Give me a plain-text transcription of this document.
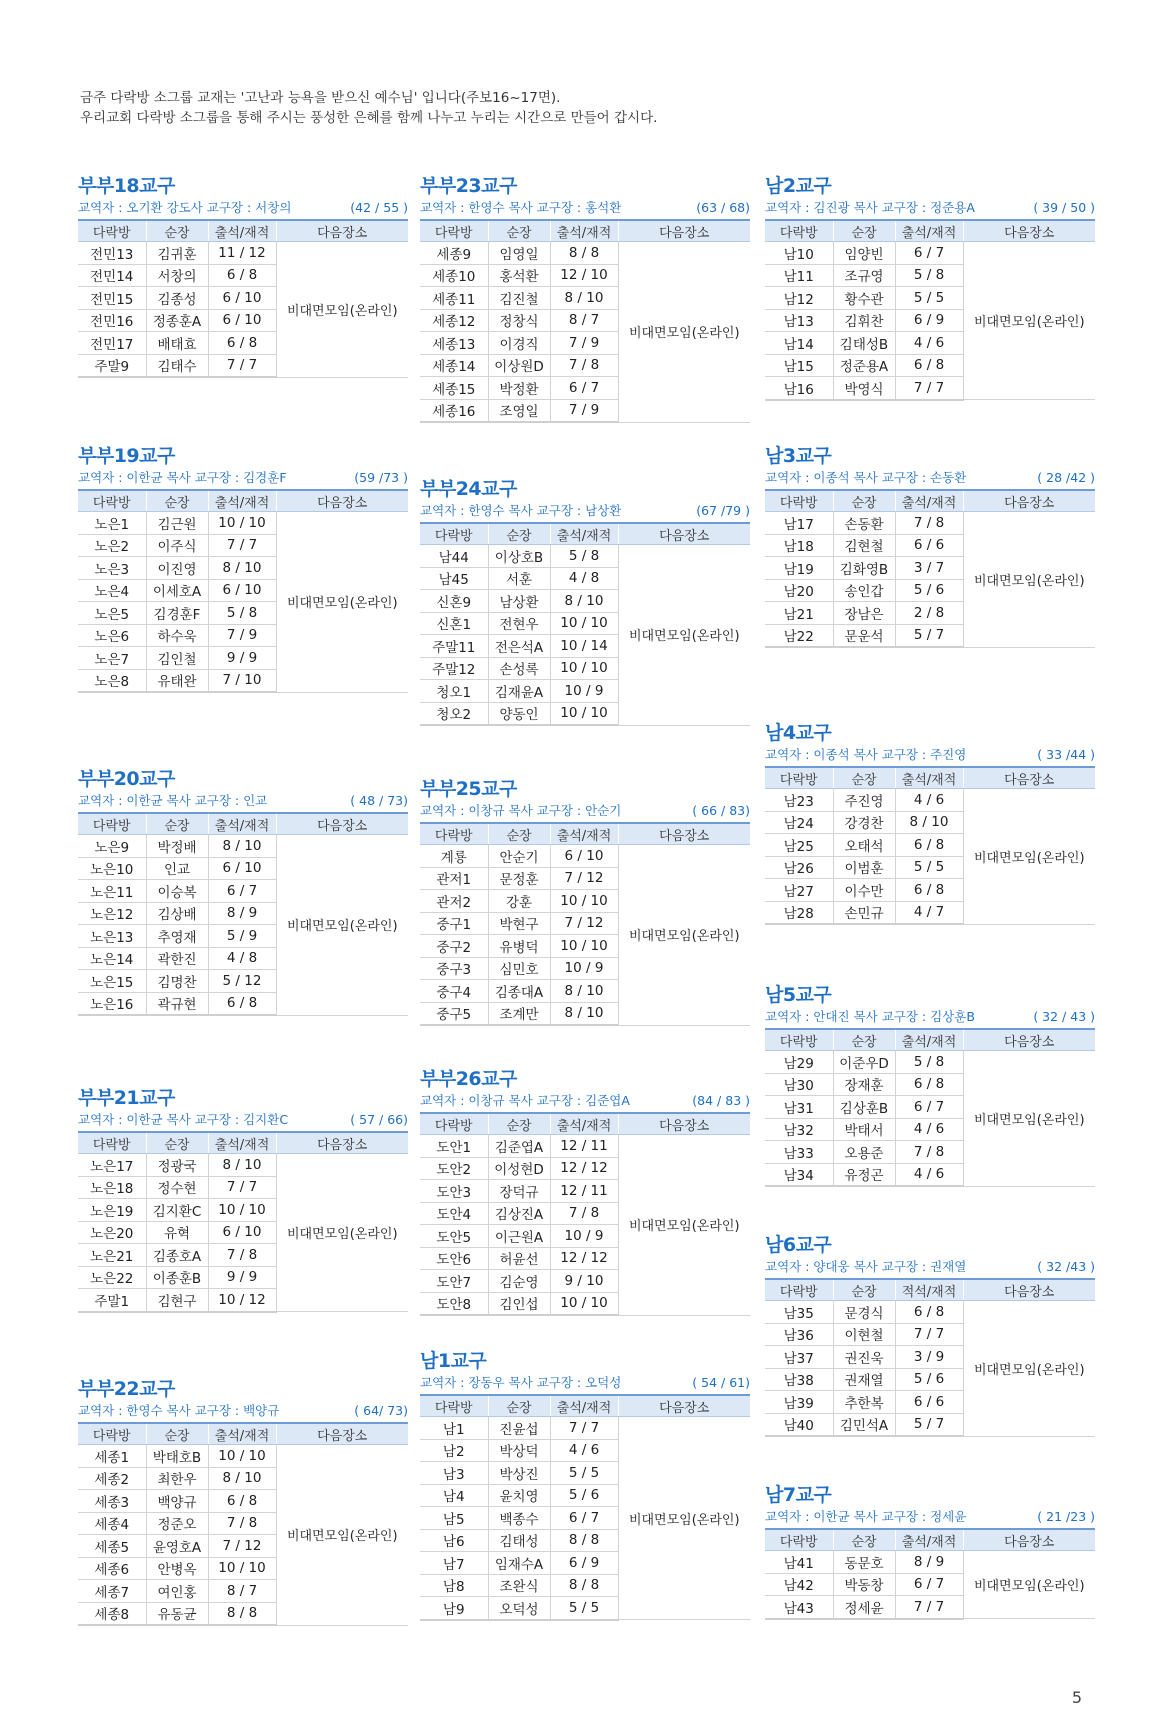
금주 다락방 소그룹 교재는 '고난과 능욕을 받으신 예수님' 입니다(주보16~17면).
우리교회 다락방 소그룹을 통해 주시는 풍성한 은혜를 함께 나누고 누리는 시간으로 만들어 갑시다.
부부18교구
교역자 : 오기환 강도사 교구장 : 서창의	(42 / 55 )
다락방	순장	출석/재적	다음장소
전민13	김귀훈	11 / 12	비대면모임(온라인)
전민14	서창의	6 / 8	
전민15	김종성	6 / 10	
전민16	정종훈A	6 / 10	
전민17	배태효	6 / 8	
주말9	김태수	7 / 7	
부부19교구
교역자 : 이한균 목사 교구장 : 김경훈F	(59 /73 )
다락방	순장	출석/재적	다음장소
노은1	김근원	10 / 10	비대면모임(온라인)
노은2	이주식	7 / 7	
노은3	이진영	8 / 10	
노은4	이세호A	6 / 10	
노은5	김경훈F	5 / 8	
노은6	하수욱	7 / 9	
노은7	김인철	9 / 9	
노은8	유태완	7 / 10	
부부20교구
교역자 : 이한균 목사 교구장 : 인교	( 48 / 73)
다락방	순장	출석/재적	다음장소
노은9	박정배	8 / 10	비대면모임(온라인)
노은10	인교	6 / 10	
노은11	이승복	6 / 7	
노은12	김상배	8 / 9	
노은13	추영재	5 / 9	
노은14	곽한진	4 / 8	
노은15	김명찬	5 / 12	
노은16	곽규현	6 / 8	
부부21교구
교역자 : 이한균 목사 교구장 : 김지환C	( 57 / 66)
다락방	순장	출석/재적	다음장소
노은17	정광국	8 / 10	비대면모임(온라인)
노은18	정수현	7 / 7	
노은19	김지환C	10 / 10	
노은20	유혁	6 / 10	
노은21	김종호A	7 / 8	
노은22	이종훈B	9 / 9	
주말1	김현구	10 / 12	
부부22교구
교역자 : 한영수 목사 교구장 : 백양규	( 64/ 73)
다락방	순장	출석/재적	다음장소
세종1	박태호B	10 / 10	비대면모임(온라인)
세종2	최한우	8 / 10	
세종3	백양규	6 / 8	
세종4	정준오	7 / 8	
세종5	윤영호A	7 / 12	
세종6	안병옥	10 / 10	
세종7	여인홍	8 / 7	
세종8	유동균	8 / 8	
부부23교구
교역자 : 한영수 목사 교구장 : 홍석환	(63 / 68)
다락방	순장	출석/재적	다음장소
세종9	임영일	8 / 8	비대면모임(온라인)
세종10	홍석환	12 / 10	
세종11	김진철	8 / 10	
세종12	정창식	8 / 7	
세종13	이경직	7 / 9	
세종14	이상원D	7 / 8	
세종15	박정환	6 / 7	
세종16	조영일	7 / 9	
부부24교구
교역자 : 한영수 목사 교구장 : 남상환	(67 /79 )
다락방	순장	출석/재적	다음장소
남44	이상호B	5 / 8	비대면모임(온라인)
남45	서훈	4 / 8	
신혼9	남상환	8 / 10	
신혼1	전현우	10 / 10	
주말11	전은석A	10 / 14	
주말12	손성록	10 / 10	
청오1	김재윤A	10 / 9	
청오2	양동인	10 / 10	
부부25교구
교역자 : 이창규 목사 교구장 : 안순기	( 66 / 83)
다락방	순장	출석/재적	다음장소
계룡	안순기	6 / 10	비대면모임(온라인)
관저1	문정훈	7 / 12	
관저2	강훈	10 / 10	
중구1	박현구	7 / 12	
중구2	유병덕	10 / 10	
중구3	심민호	10 / 9	
중구4	김종대A	8 / 10	
중구5	조계만	8 / 10	
부부26교구
교역자 : 이창규 목사 교구장 : 김준엽A	(84 / 83 )
다락방	순장	출석/재적	다음장소
도안1	김준엽A	12 / 11	비대면모임(온라인)
도안2	이성현D	12 / 12	
도안3	장덕규	12 / 11	
도안4	김상진A	7 / 8	
도안5	이근원A	10 / 9	
도안6	허윤선	12 / 12	
도안7	김순영	9 / 10	
도안8	김인섭	10 / 10	
남1교구
교역자 : 장동우 목사 교구장 : 오덕성	( 54 / 61)
다락방	순장	출석/재적	다음장소
남1	진윤섭	7 / 7	비대면모임(온라인)
남2	박상덕	4 / 6	
남3	박상진	5 / 5	
남4	윤치영	5 / 6	
남5	백종수	6 / 7	
남6	김태성	8 / 8	
남7	임재수A	6 / 9	
남8	조완식	8 / 8	
남9	오덕성	5 / 5	
남2교구
교역자 : 김진광 목사 교구장 : 정준용A	( 39 / 50 )
다락방	순장	출석/재적	다음장소
남10	임양빈	6 / 7	비대면모임(온라인)
남11	조규영	5 / 8	
남12	황수관	5 / 5	
남13	김휘찬	6 / 9	
남14	김태성B	4 / 6	
남15	정준용A	6 / 8	
남16	박영식	7 / 7	
남3교구
교역자 : 이종석 목사 교구장 : 손동환	( 28 /42 )
다락방	순장	출석/재적	다음장소
남17	손동환	7 / 8	비대면모임(온라인)
남18	김현철	6 / 6	
남19	김화영B	3 / 7	
남20	송인갑	5 / 6	
남21	장남은	2 / 8	
남22	문운석	5 / 7	
남4교구
교역자 : 이종석 목사 교구장 : 주진영	( 33 /44 )
다락방	순장	출석/재적	다음장소
남23	주진영	4 / 6	비대면모임(온라인)
남24	강경찬	8 / 10	
남25	오태석	6 / 8	
남26	이범훈	5 / 5	
남27	이수만	6 / 8	
남28	손민규	4 / 7	
남5교구
교역자 : 안대진 목사 교구장 : 김상훈B	( 32 / 43 )
다락방	순장	출석/재적	다음장소
남29	이준우D	5 / 8	비대면모임(온라인)
남30	장재훈	6 / 8	
남31	김상훈B	6 / 7	
남32	박태서	4 / 6	
남33	오용준	7 / 8	
남34	유정곤	4 / 6	
남6교구
교역자 : 양대웅 목사 교구장 : 권재열	( 32 /43 )
다락방	순장	적석/재적	다음장소
남35	문경식	6 / 8	비대면모임(온라인)
남36	이현철	7 / 7	
남37	권진욱	3 / 9	
남38	권재열	5 / 6	
남39	추한복	6 / 6	
남40	김민석A	5 / 7	
남7교구
교역자 : 이한균 목사 교구장 : 정세윤	( 21 /23 )
다락방	순장	출석/재적	다음장소
남41	동문호	8 / 9	비대면모임(온라인)
남42	박동창	6 / 7	
남43	정세윤	7 / 7	
5
